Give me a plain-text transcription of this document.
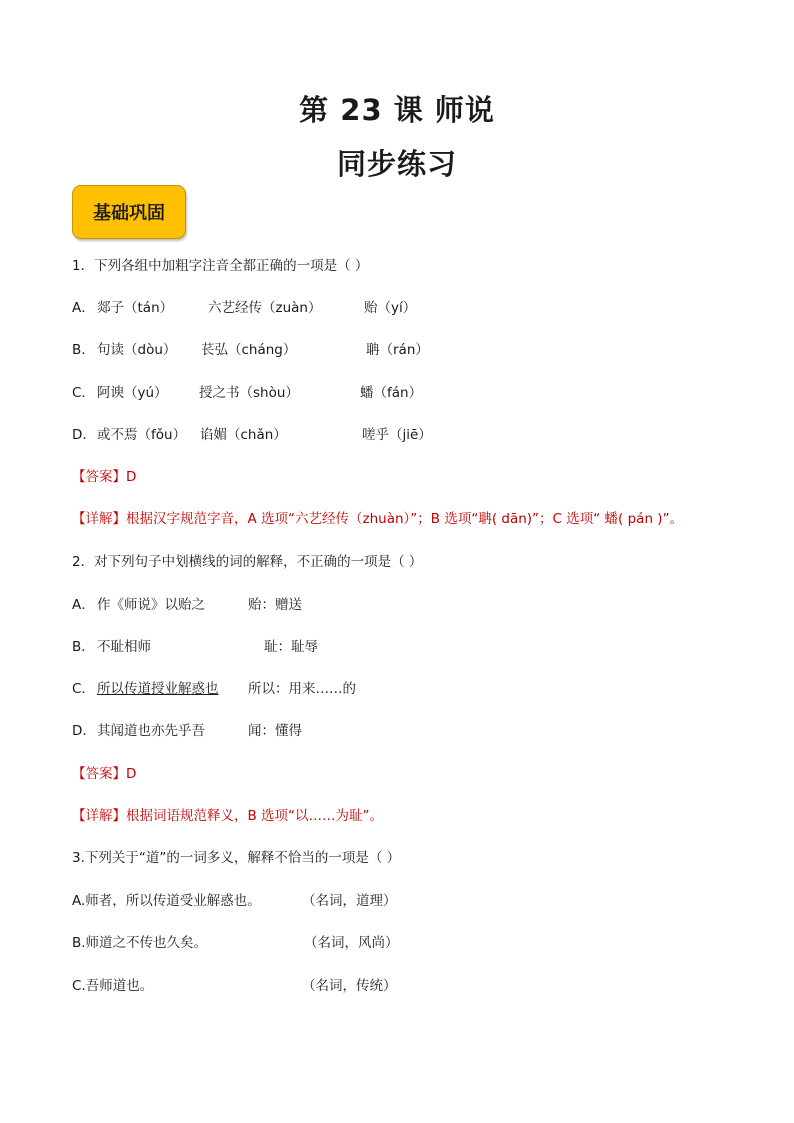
第 23 课 师说
同步练习
基础巩固
1．下列各组中加粗字注音全都正确的一项是（ ）
A． 郯子（tán）	六艺经传（zuàn）	贻（yí）
B． 句读（dòu） 苌弘（cháng）	聃（rán）
C． 阿谀（yú） 授之书（shòu）	蟠（fán）
D． 或不焉（fǒu） 谄媚（chǎn）	嗟乎（jiē）
【答案】D
【详解】根据汉字规范字音，A 选项“六艺经传（zhuàn）”；B 选项“聃( dān)”；C 选项“ 蟠( pán )”。
2．对下列句子中划横线的词的解释，不正确的一项是（ ）
A． 作《师说》以贻之	贻：赠送
B． 不耻相师	耻：耻辱
C． 所以传道授业解惑也 所以：用来……的
D． 其闻道也亦先乎吾	闻：懂得
【答案】D
【详解】根据词语规范释义，B 选项“以……为耻”。
3.下列关于“道”的一词多义，解释不恰当的一项是（ ）
A.师者，所以传道受业解惑也。	（名词，道理）
B.师道之不传也久矣。	（名词，风尚）
C.吾师道也。	（名词，传统）
